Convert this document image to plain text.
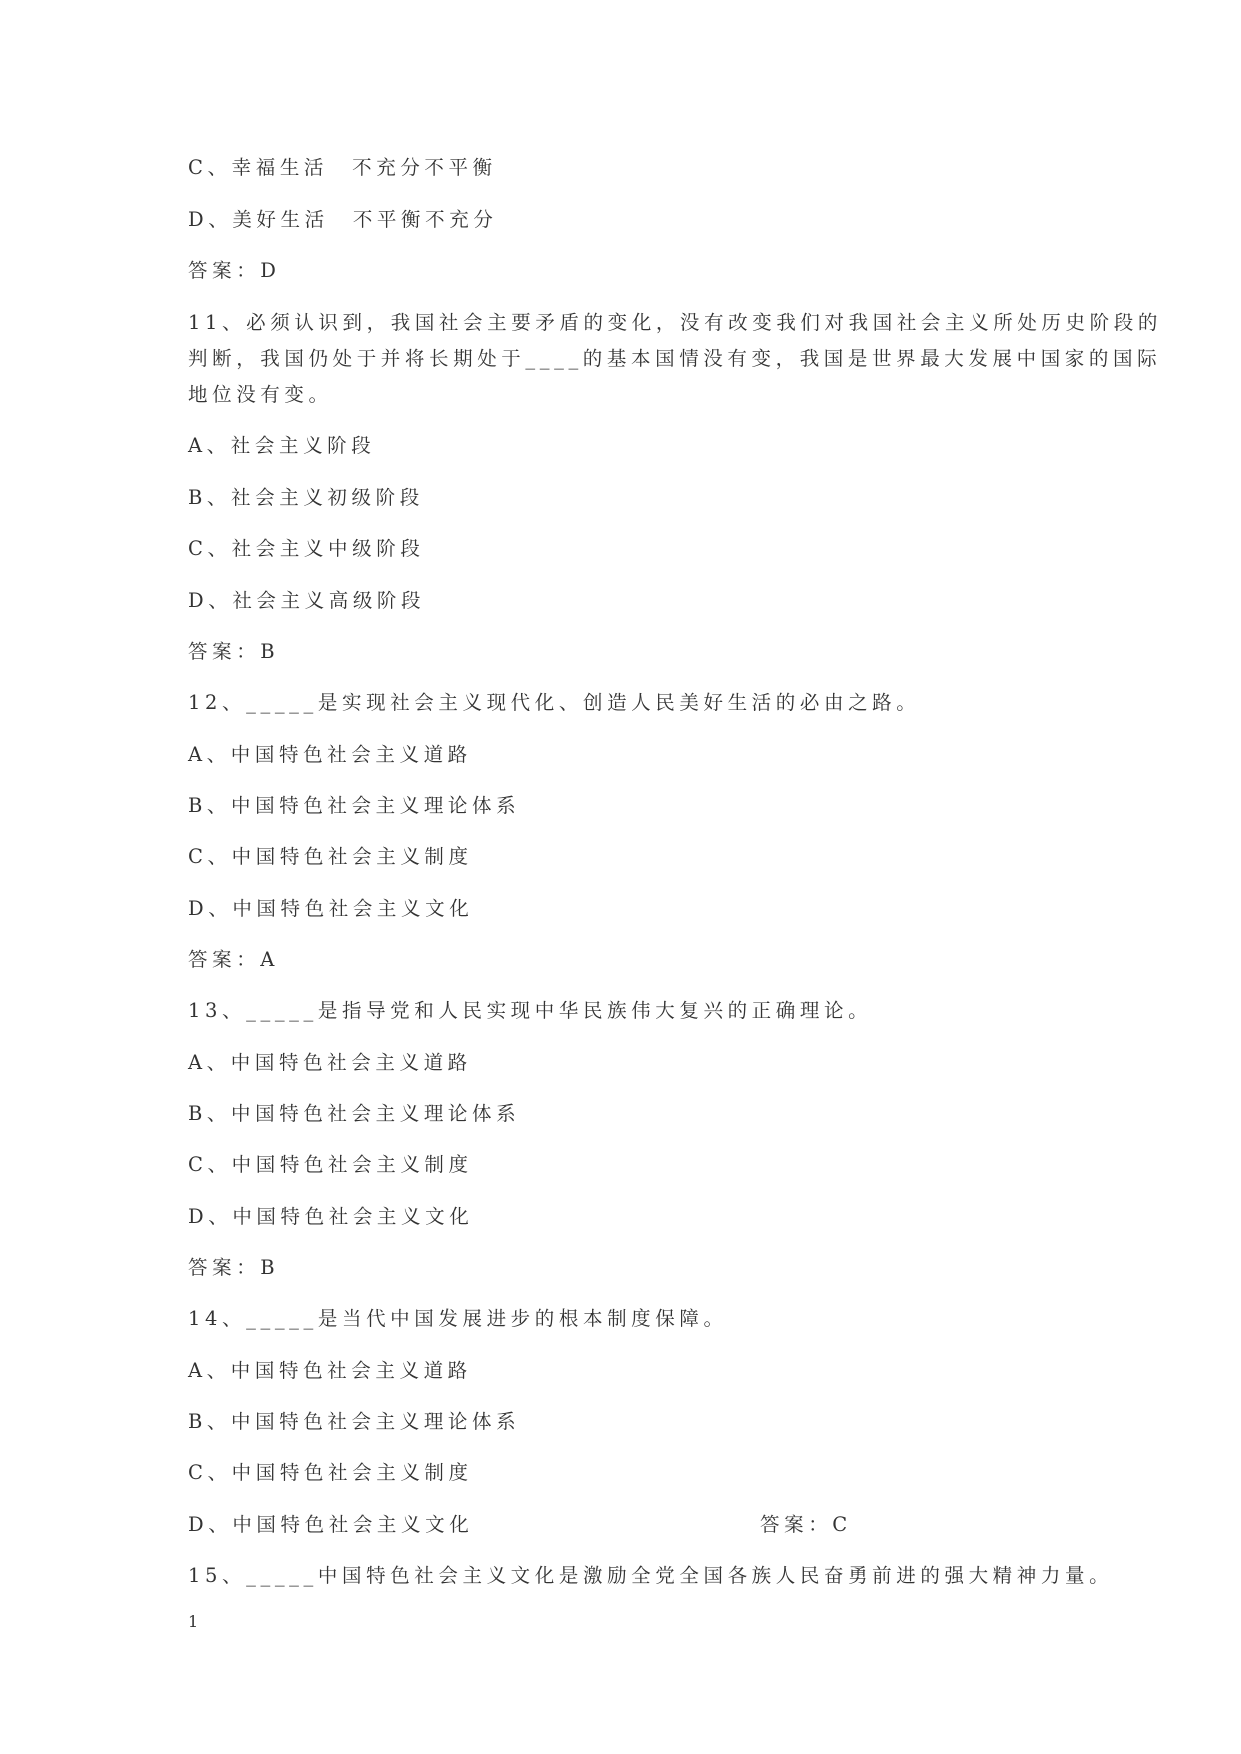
C、幸福生活　不充分不平衡
D、美好生活　不平衡不充分
答案：D
11、必须认识到，我国社会主要矛盾的变化，没有改变我们对我国社会主义所处历史阶段的
判断，我国仍处于并将长期处于____的基本国情没有变，我国是世界最大发展中国家的国际
地位没有变。
A、社会主义阶段
B、社会主义初级阶段
C、社会主义中级阶段
D、社会主义高级阶段
答案：B
12、_____是实现社会主义现代化、创造人民美好生活的必由之路。
A、中国特色社会主义道路
B、中国特色社会主义理论体系
C、中国特色社会主义制度
D、中国特色社会主义文化
答案：A
13、_____是指导党和人民实现中华民族伟大复兴的正确理论。
A、中国特色社会主义道路
B、中国特色社会主义理论体系
C、中国特色社会主义制度
D、中国特色社会主义文化
答案：B
14、_____是当代中国发展进步的根本制度保障。
A、中国特色社会主义道路
B、中国特色社会主义理论体系
C、中国特色社会主义制度
D、中国特色社会主义文化	答案：C
15、_____中国特色社会主义文化是激励全党全国各族人民奋勇前进的强大精神力量。
1
